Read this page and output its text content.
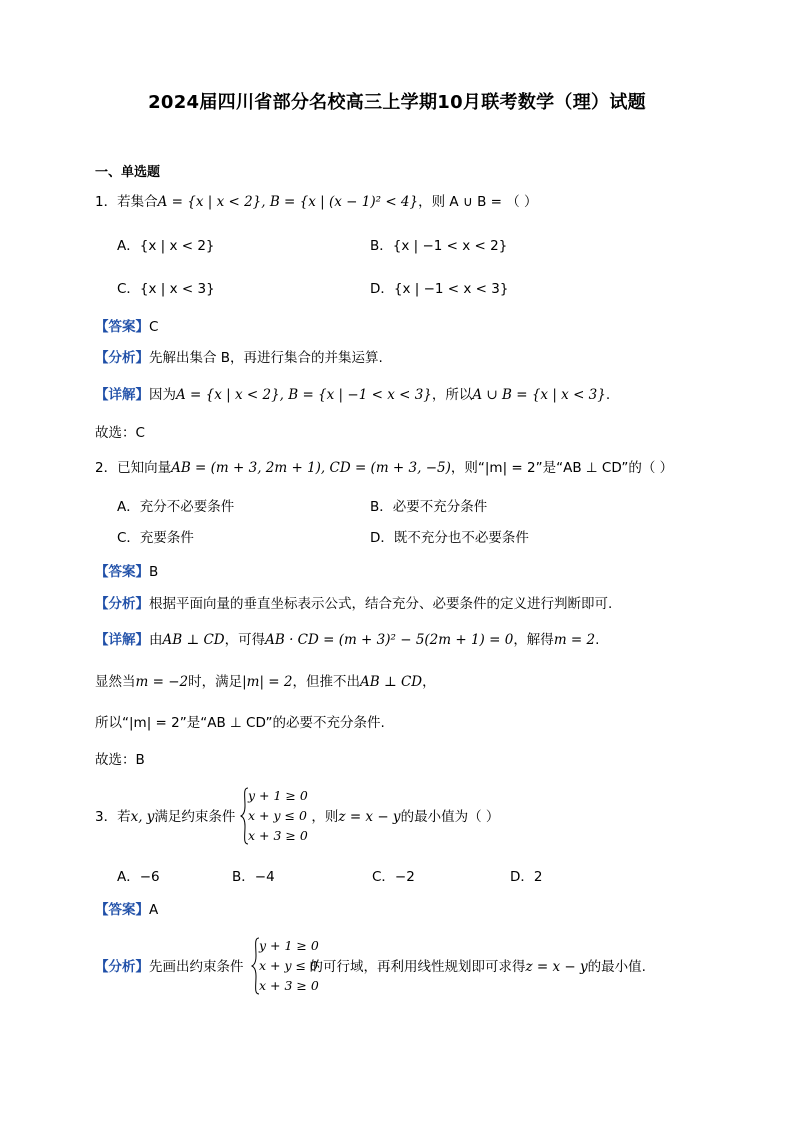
2024届四川省部分名校高三上学期10月联考数学（理）试题
一、单选题
1．若集合A = {x | x < 2}, B = {x | (x − 1)² < 4}，则 A ∪ B = （ ）
A．{x | x < 2}	B．{x | −1 < x < 2}
C．{x | x < 3}	D．{x | −1 < x < 3}
【答案】C
【分析】先解出集合 B，再进行集合的并集运算.
【详解】因为A = {x | x < 2}, B = {x | −1 < x < 3}，所以A ∪ B = {x | x < 3}.
故选：C
2．已知向量AB = (m + 3, 2m + 1), CD = (m + 3, −5)，则“|m| = 2”是“AB ⊥ CD”的（ ）
A．充分不必要条件	B．必要不充分条件
C．充要条件	D．既不充分也不必要条件
【答案】B
【分析】根据平面向量的垂直坐标表示公式，结合充分、必要条件的定义进行判断即可.
【详解】由AB ⊥ CD，可得AB · CD = (m + 3)² − 5(2m + 1) = 0，解得m = 2.
显然当m = −2时，满足|m| = 2，但推不出AB ⊥ CD，
所以“|m| = 2”是“AB ⊥ CD”的必要不充分条件.
故选：B
3．若x, y满足约束条件	，则z = x − y的最小值为（ ）
y + 1 ≥ 0
x + y ≤ 0
x + 3 ≥ 0
A．−6	B．−4	C．−2	D．2
【答案】A
【分析】先画出约束条件	的可行域，再利用线性规划即可求得z = x − y的最小值.
y + 1 ≥ 0
x + y ≤ 0
x + 3 ≥ 0
